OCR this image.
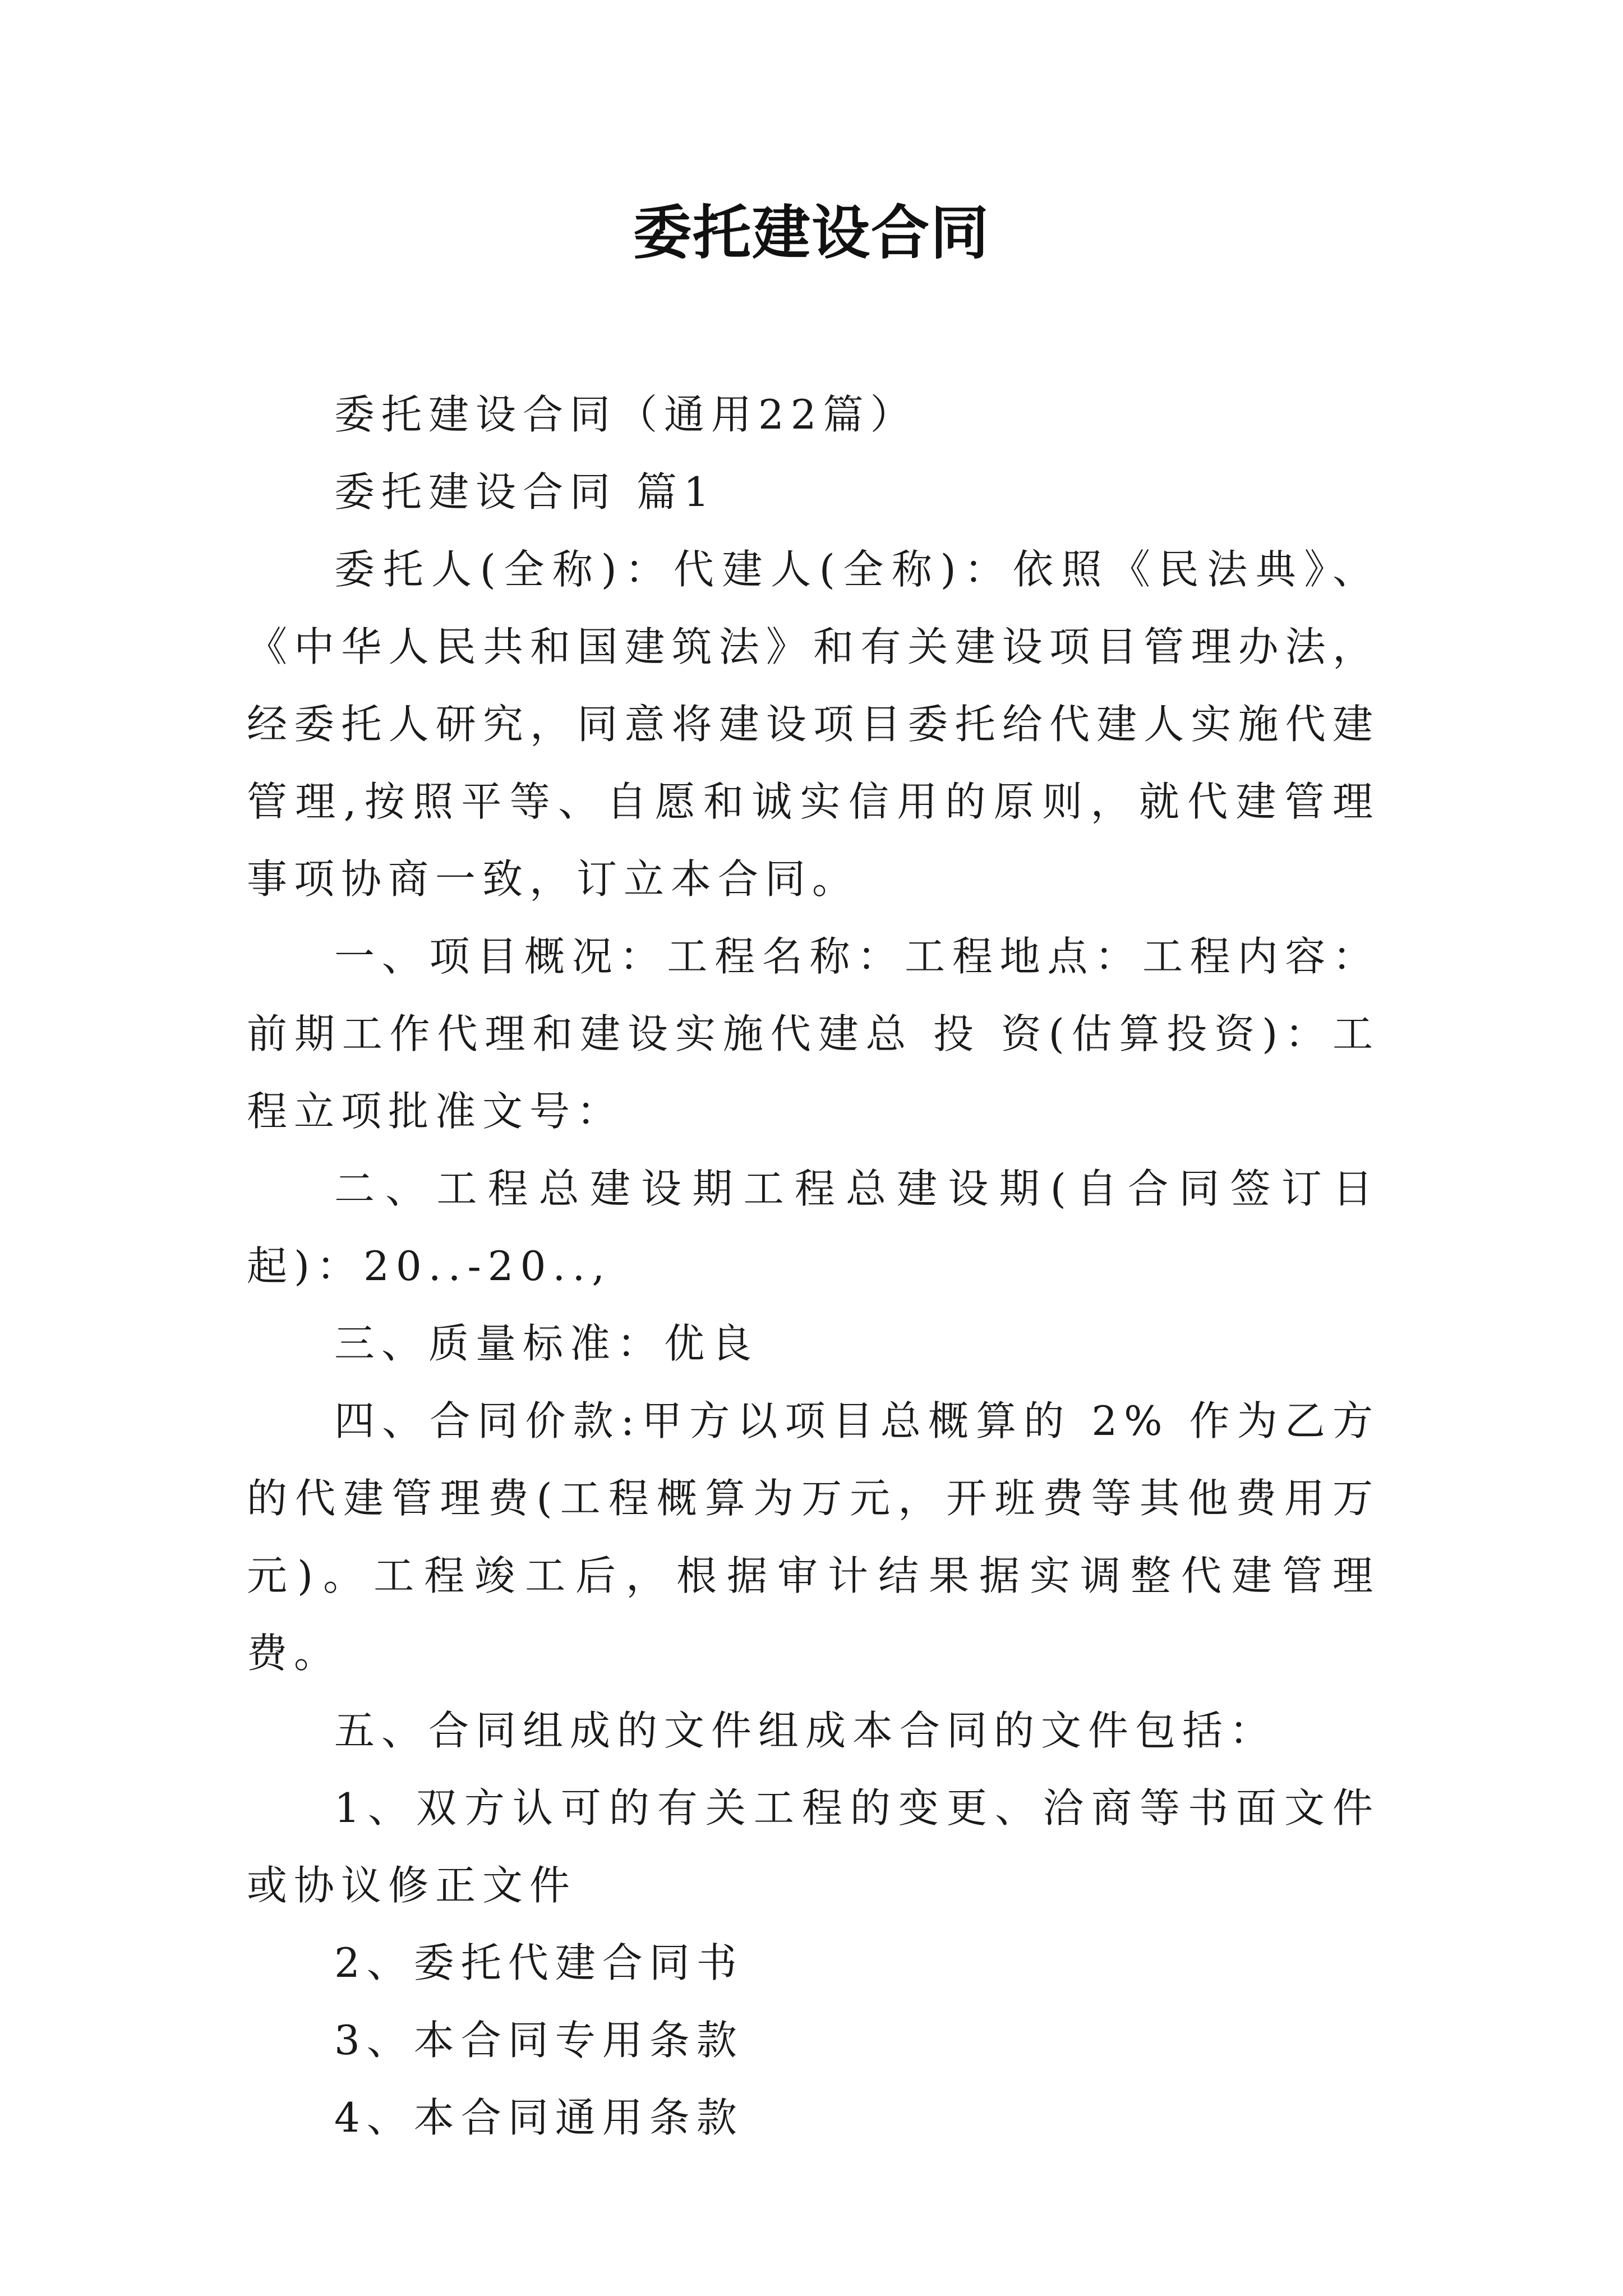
委托建设合同

委托建设合同（通用22篇）

委托建设合同 篇1

委托人(全称)：代建人(全称)：依照《民法典》、《中华人民共和国建筑法》和有关建设项目管理办法，经委托人研究，同意将建设项目委托给代建人实施代建管理,按照平等、自愿和诚实信用的原则，就代建管理事项协商一致，订立本合同。

一、项目概况：工程名称：工程地点：工程内容： 前期工作代理和建设实施代建总 投 资(估算投资)：工程立项批准文号：

二、工程总建设期工程总建设期(自合同签订日起)：20..-20..,

三、质量标准：优良

四、合同价款:甲方以项目总概算的 2% 作为乙方的代建管理费(工程概算为万元，开班费等其他费用万元)。工程竣工后，根据审计结果据实调整代建管理费。

五、合同组成的文件组成本合同的文件包括：

1、双方认可的有关工程的变更、洽商等书面文件或协议修正文件

2、委托代建合同书

3、本合同专用条款

4、本合同通用条款
